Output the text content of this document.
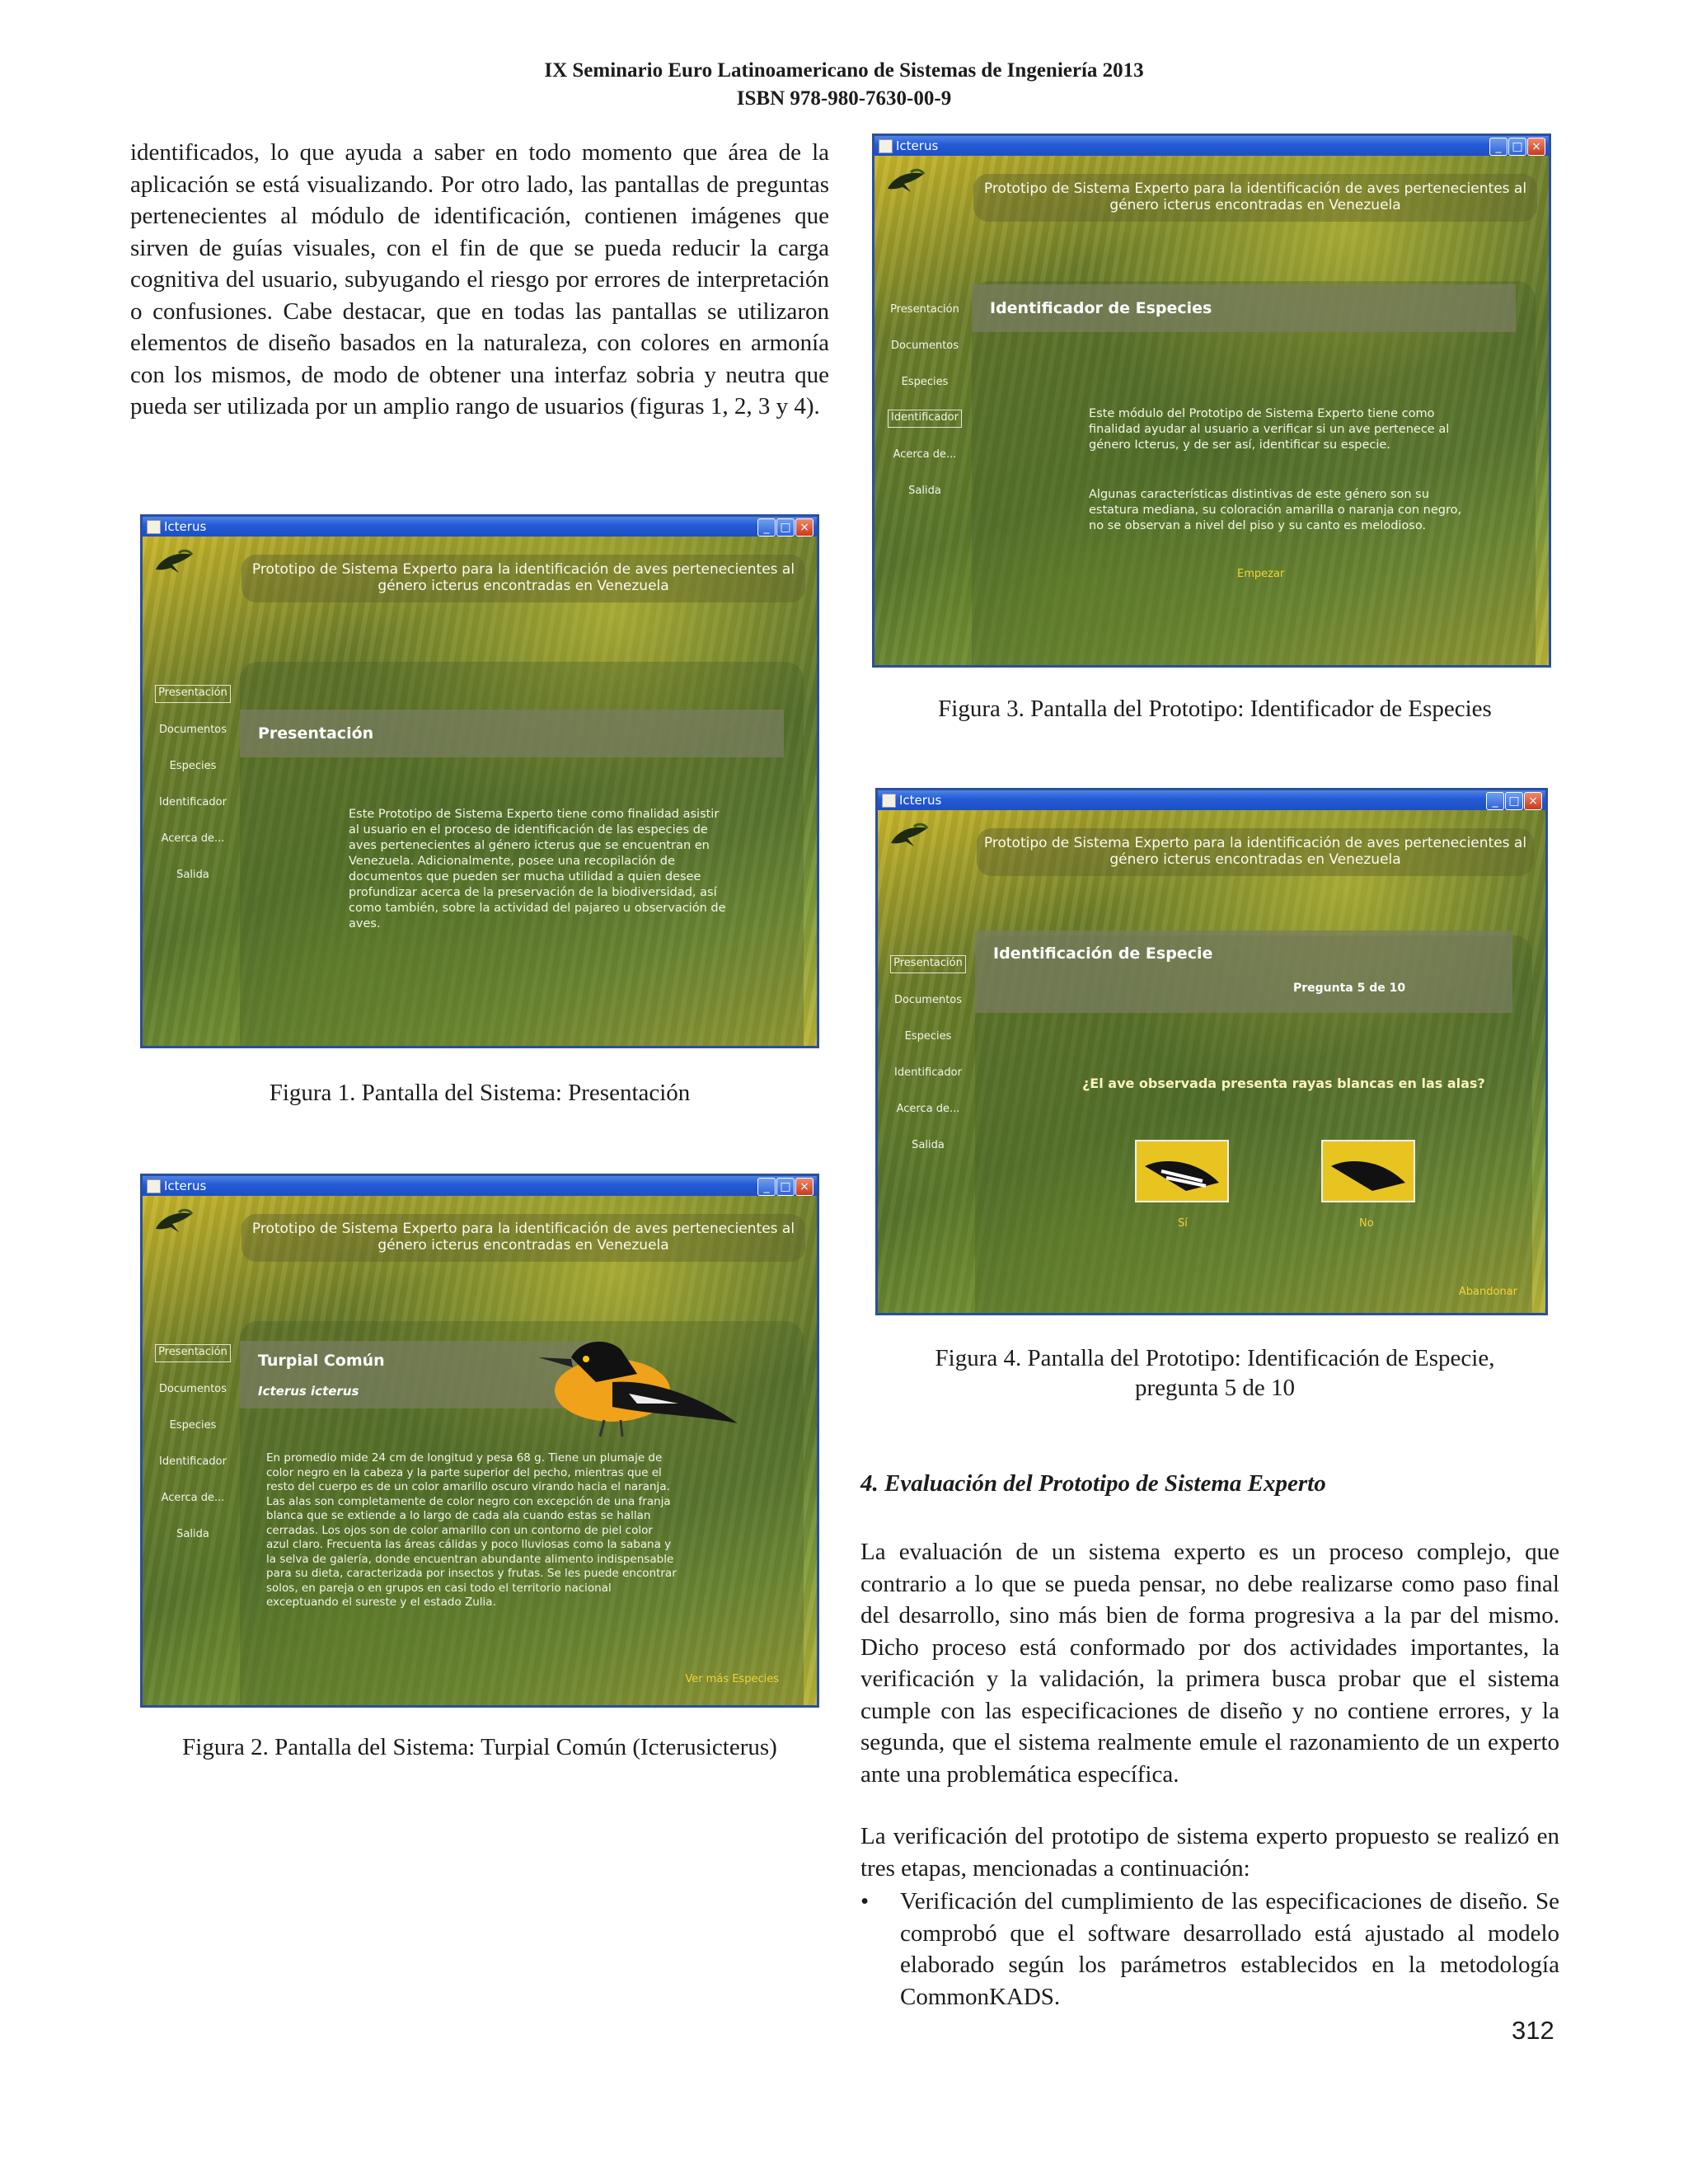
IX Seminario Euro Latinoamericano de Sistemas de Ingeniería 2013
ISBN 978-980-7630-00-9
identificados, lo que ayuda a saber en todo momento que área de la aplicación se está visualizando. Por otro lado, las pantallas de preguntas pertenecientes al módulo de identificación, contienen imágenes que sirven de guías visuales, con el fin de que se pueda reducir la carga cognitiva del usuario, subyugando el riesgo por errores de interpretación o confusiones. Cabe destacar, que en todas las pantallas se utilizaron elementos de diseño basados en la naturaleza, con colores en armonía con los mismos, de modo de obtener una interfaz sobria y neutra que pueda ser utilizada por un amplio rango de usuarios (figuras 1, 2, 3 y 4).
Icterus	_ □ ×
Prototipo de Sistema Experto para la identificación de aves pertenecientes al género icterus encontradas en Venezuela
Presentación
Documentos
Especies
Identificador
Acerca de...
Salida
Presentación
Este Prototipo de Sistema Experto tiene como finalidad asistir al usuario en el proceso de identificación de las especies de aves pertenecientes al género icterus que se encuentran en Venezuela. Adicionalmente, posee una recopilación de documentos que pueden ser mucha utilidad a quien desee profundizar acerca de la preservación de la biodiversidad, así como también, sobre la actividad del pajareo u observación de aves.
Figura 1. Pantalla del Sistema: Presentación
Icterus	_ □ ×
Prototipo de Sistema Experto para la identificación de aves pertenecientes al género icterus encontradas en Venezuela
Presentación
Documentos
Especies
Identificador
Acerca de...
Salida
Turpial Común
Icterus icterus
En promedio mide 24 cm de longitud y pesa 68 g. Tiene un plumaje de color negro en la cabeza y la parte superior del pecho, mientras que el resto del cuerpo es de un color amarillo oscuro virando hacia el naranja. Las alas son completamente de color negro con excepción de una franja blanca que se extiende a lo largo de cada ala cuando estas se hallan cerradas. Los ojos son de color amarillo con un contorno de piel color azul claro. Frecuenta las áreas cálidas y poco lluviosas como la sabana y la selva de galería, donde encuentran abundante alimento indispensable para su dieta, caracterizada por insectos y frutas. Se les puede encontrar solos, en pareja o en grupos en casi todo el territorio nacional exceptuando el sureste y el estado Zulia.
Ver más Especies
Figura 2. Pantalla del Sistema: Turpial Común (Icterusicterus)
Icterus	_ □ ×
Prototipo de Sistema Experto para la identificación de aves pertenecientes al género icterus encontradas en Venezuela
Presentación
Documentos
Especies
Identificador
Acerca de...
Salida
Identificador de Especies
Este módulo del Prototipo de Sistema Experto tiene como finalidad ayudar al usuario a verificar si un ave pertenece al género Icterus, y de ser así, identificar su especie.
Algunas características distintivas de este género son su estatura mediana, su coloración amarilla o naranja con negro, no se observan a nivel del piso y su canto es melodioso.
Empezar
Figura 3. Pantalla del Prototipo: Identificador de Especies
Icterus	_ □ ×
Prototipo de Sistema Experto para la identificación de aves pertenecientes al género icterus encontradas en Venezuela
Presentación
Documentos
Especies
Identificador
Acerca de...
Salida
Identificación de Especie
Pregunta 5 de 10
¿El ave observada presenta rayas blancas en las alas?
Sí	No
Abandonar
Figura 4. Pantalla del Prototipo: Identificación de Especie,
pregunta 5 de 10
4. Evaluación del Prototipo de Sistema Experto
La evaluación de un sistema experto es un proceso complejo, que contrario a lo que se pueda pensar, no debe realizarse como paso final del desarrollo, sino más bien de forma progresiva a la par del mismo. Dicho proceso está conformado por dos actividades importantes, la verificación y la validación, la primera busca probar que el sistema cumple con las especificaciones de diseño y no contiene errores, y la segunda, que el sistema realmente emule el razonamiento de un experto ante una problemática específica.
La verificación del prototipo de sistema experto propuesto se realizó en tres etapas, mencionadas a continuación:
• Verificación del cumplimiento de las especificaciones de diseño. Se comprobó que el software desarrollado está ajustado al modelo elaborado según los parámetros establecidos en la metodología CommonKADS.
312
